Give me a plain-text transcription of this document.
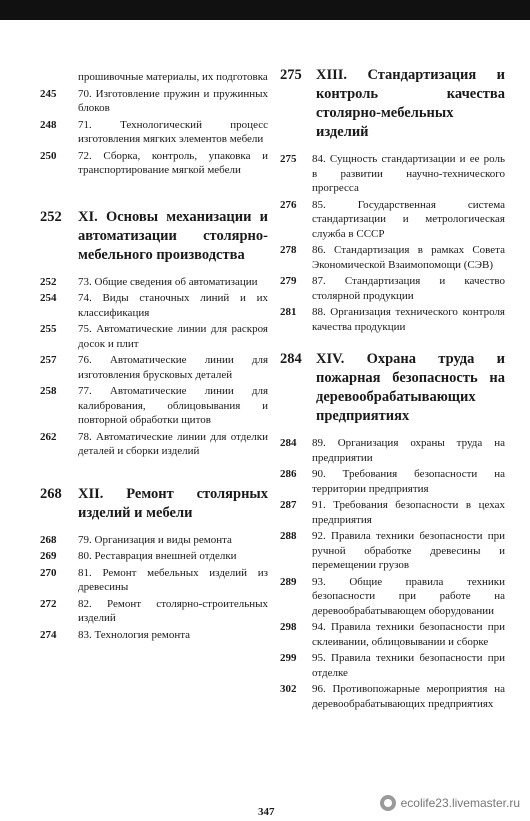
прошивочные материалы, их подготовка
245	70. Изготовление пружин и пружинных блоков
248	71. Технологический процесс изготовления мягких элементов мебели
250	72. Сборка, контроль, упаковка и транспортирование мягкой мебели
252	XI. Основы механизации и автоматизации столярно-мебельного производства
252	73. Общие сведения об автоматизации
254	74. Виды станочных линий и их классификация
255	75. Автоматические линии для раскроя досок и плит
257	76. Автоматические линии для изготовления брусковых деталей
258	77. Автоматические линии для калибрования, облицовывания и повторной обработки щитов
262	78. Автоматические линии для отделки деталей и сборки изделий
268	XII. Ремонт столярных изделий и мебели
268	79. Организация и виды ремонта
269	80. Реставрация внешней отделки
270	81. Ремонт мебельных изделий из древесины
272	82. Ремонт столярно-строительных изделий
274	83. Технология ремонта
275 XIII. Стандартизация и контроль качества столярно-мебельных изделий
275	84. Сущность стандартизации и ее роль в развитии научно-технического прогресса
276	85. Государственная система стандартизации и метрологическая служба в СССР
278	86. Стандартизация в рамках Совета Экономической Взаимопомощи (СЭВ)
279	87. Стандартизация и качество столярной продукции
281	88. Организация технического контроля качества продукции
284 XIV. Охрана труда и пожарная безопасность на деревообрабатывающих предприятиях
284	89. Организация охраны труда на предприятии
286	90. Требования безопасности на территории предприятия
287	91. Требования безопасности в цехах предприятия
288	92. Правила техники безопасности при ручной обработке древесины и перемещении грузов
289	93. Общие правила техники безопасности при работе на деревообрабатывающем оборудовании
298	94. Правила техники безопасности при склеивании, облицовывании и сборке
299	95. Правила техники безопасности при отделке
302	96. Противопожарные мероприятия на деревообрабатывающих предприятиях
347
ecolife23.livemaster.ru
